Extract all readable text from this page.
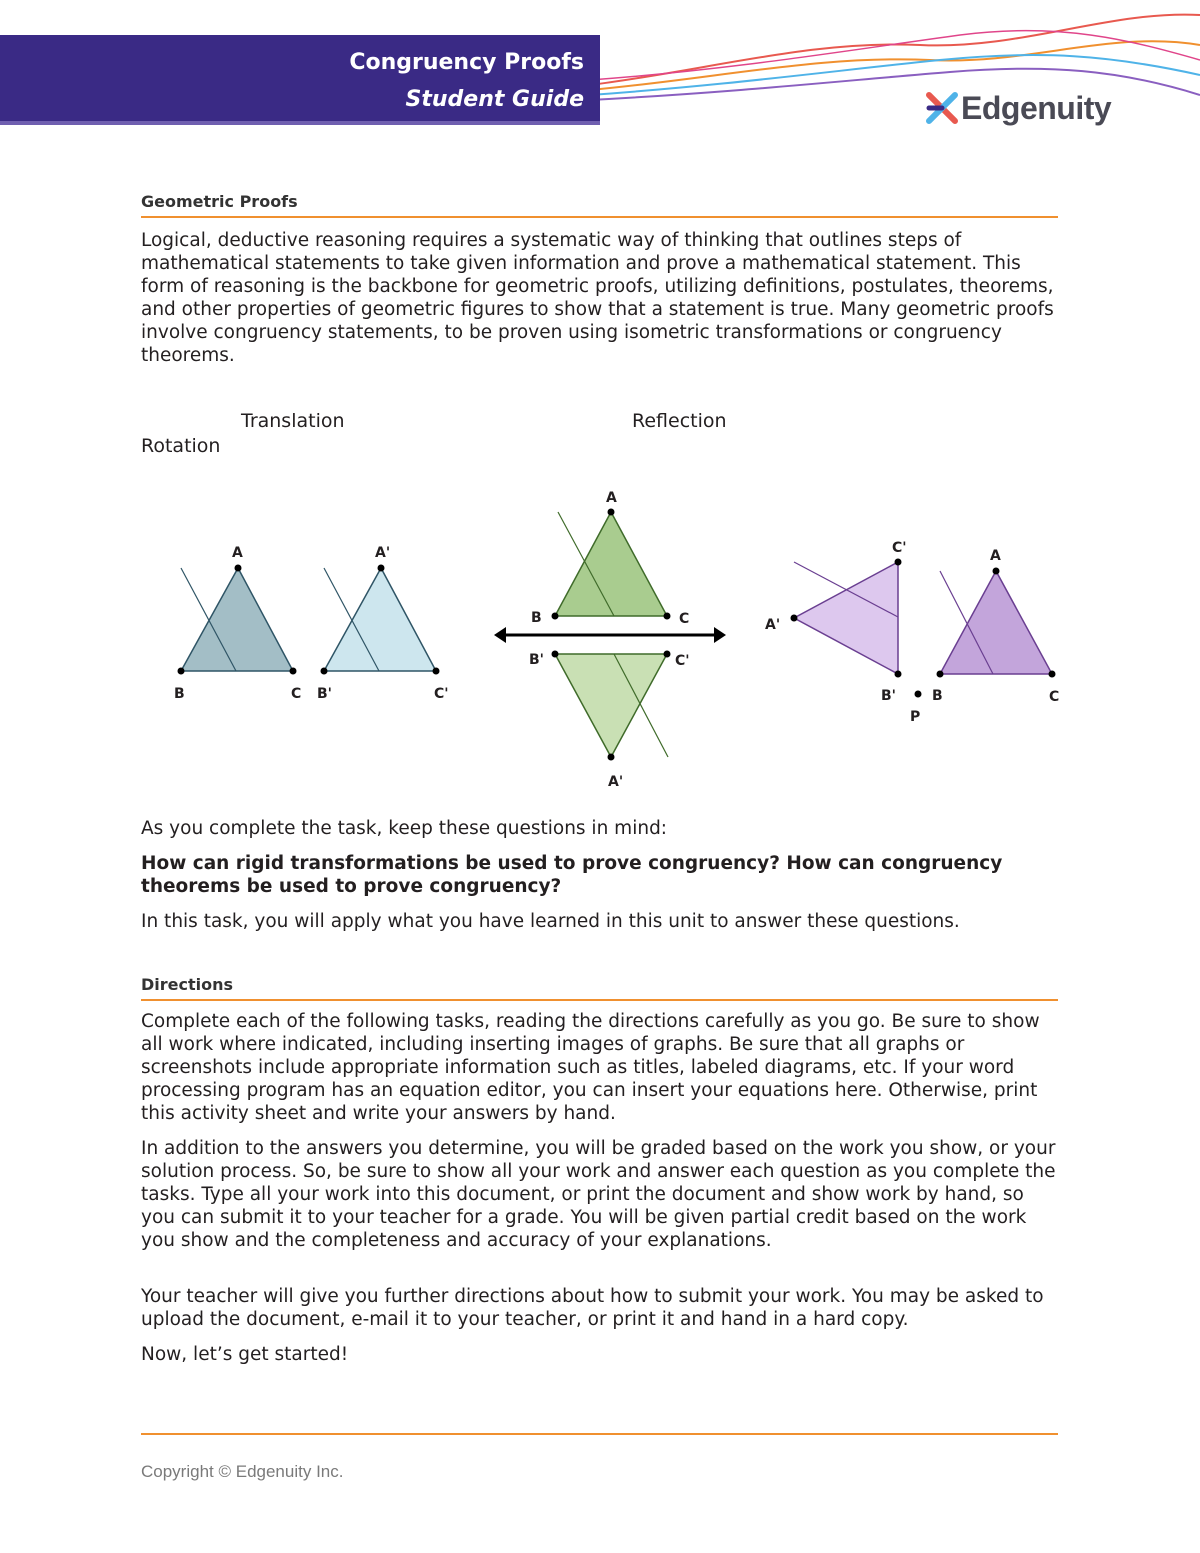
Congruency Proofs
Student Guide	Edgenuity
Geometric Proofs
Logical, deductive reasoning requires a systematic way of thinking that outlines steps of mathematical statements to take given information and prove a mathematical statement. This form of reasoning is the backbone for geometric proofs, utilizing definitions, postulates, theorems, and other properties of geometric figures to show that a statement is true. Many geometric proofs involve congruency statements, to be proven using isometric transformations or congruency theorems.
Translation	Reflection
Rotation
A
B	C
A'
B'	C'
A
B	C
B'	C'
A'
C'
A'
B'
A
B	C
P
As you complete the task, keep these questions in mind:
How can rigid transformations be used to prove congruency? How can congruency theorems be used to prove congruency?
In this task, you will apply what you have learned in this unit to answer these questions.
Directions
Complete each of the following tasks, reading the directions carefully as you go. Be sure to show all work where indicated, including inserting images of graphs. Be sure that all graphs or screenshots include appropriate information such as titles, labeled diagrams, etc. If your word processing program has an equation editor, you can insert your equations here. Otherwise, print this activity sheet and write your answers by hand.
In addition to the answers you determine, you will be graded based on the work you show, or your solution process. So, be sure to show all your work and answer each question as you complete the tasks. Type all your work into this document, or print the document and show work by hand, so you can submit it to your teacher for a grade. You will be given partial credit based on the work you show and the completeness and accuracy of your explanations.
Your teacher will give you further directions about how to submit your work. You may be asked to upload the document, e-mail it to your teacher, or print it and hand in a hard copy.
Now, let’s get started!
Copyright © Edgenuity Inc.
